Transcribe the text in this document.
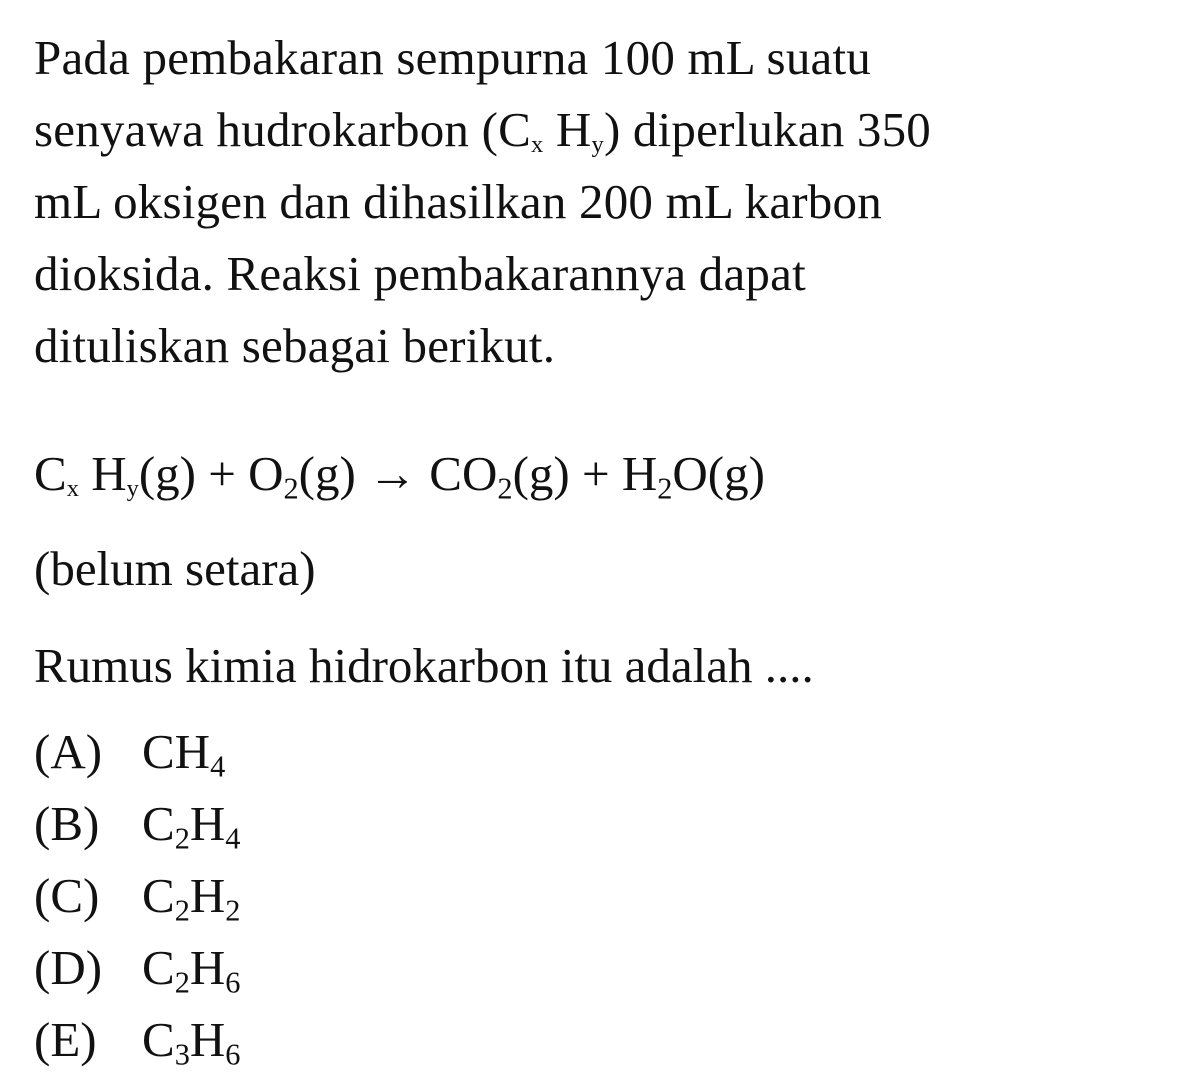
Pada pembakaran sempurna 100 mL suatu
senyawa hudrokarbon ($C_x$ $H_y$) diperlukan 350
mL oksigen dan dihasilkan 200 mL karbon
dioksida. Reaksi pembakarannya dapat
dituliskan sebagai berikut.

$C_x$ $H_y(g) + O_2(g) \to CO_2(g) + H_2O(g)$
(belum setara)
Rumus kimia hidrokarbon itu adalah ....
(A) $CH_4$
(B) $C_2H_4$
(C) $C_2H_2$
(D) $C_2H_6$
(E) $C_3H_6$
